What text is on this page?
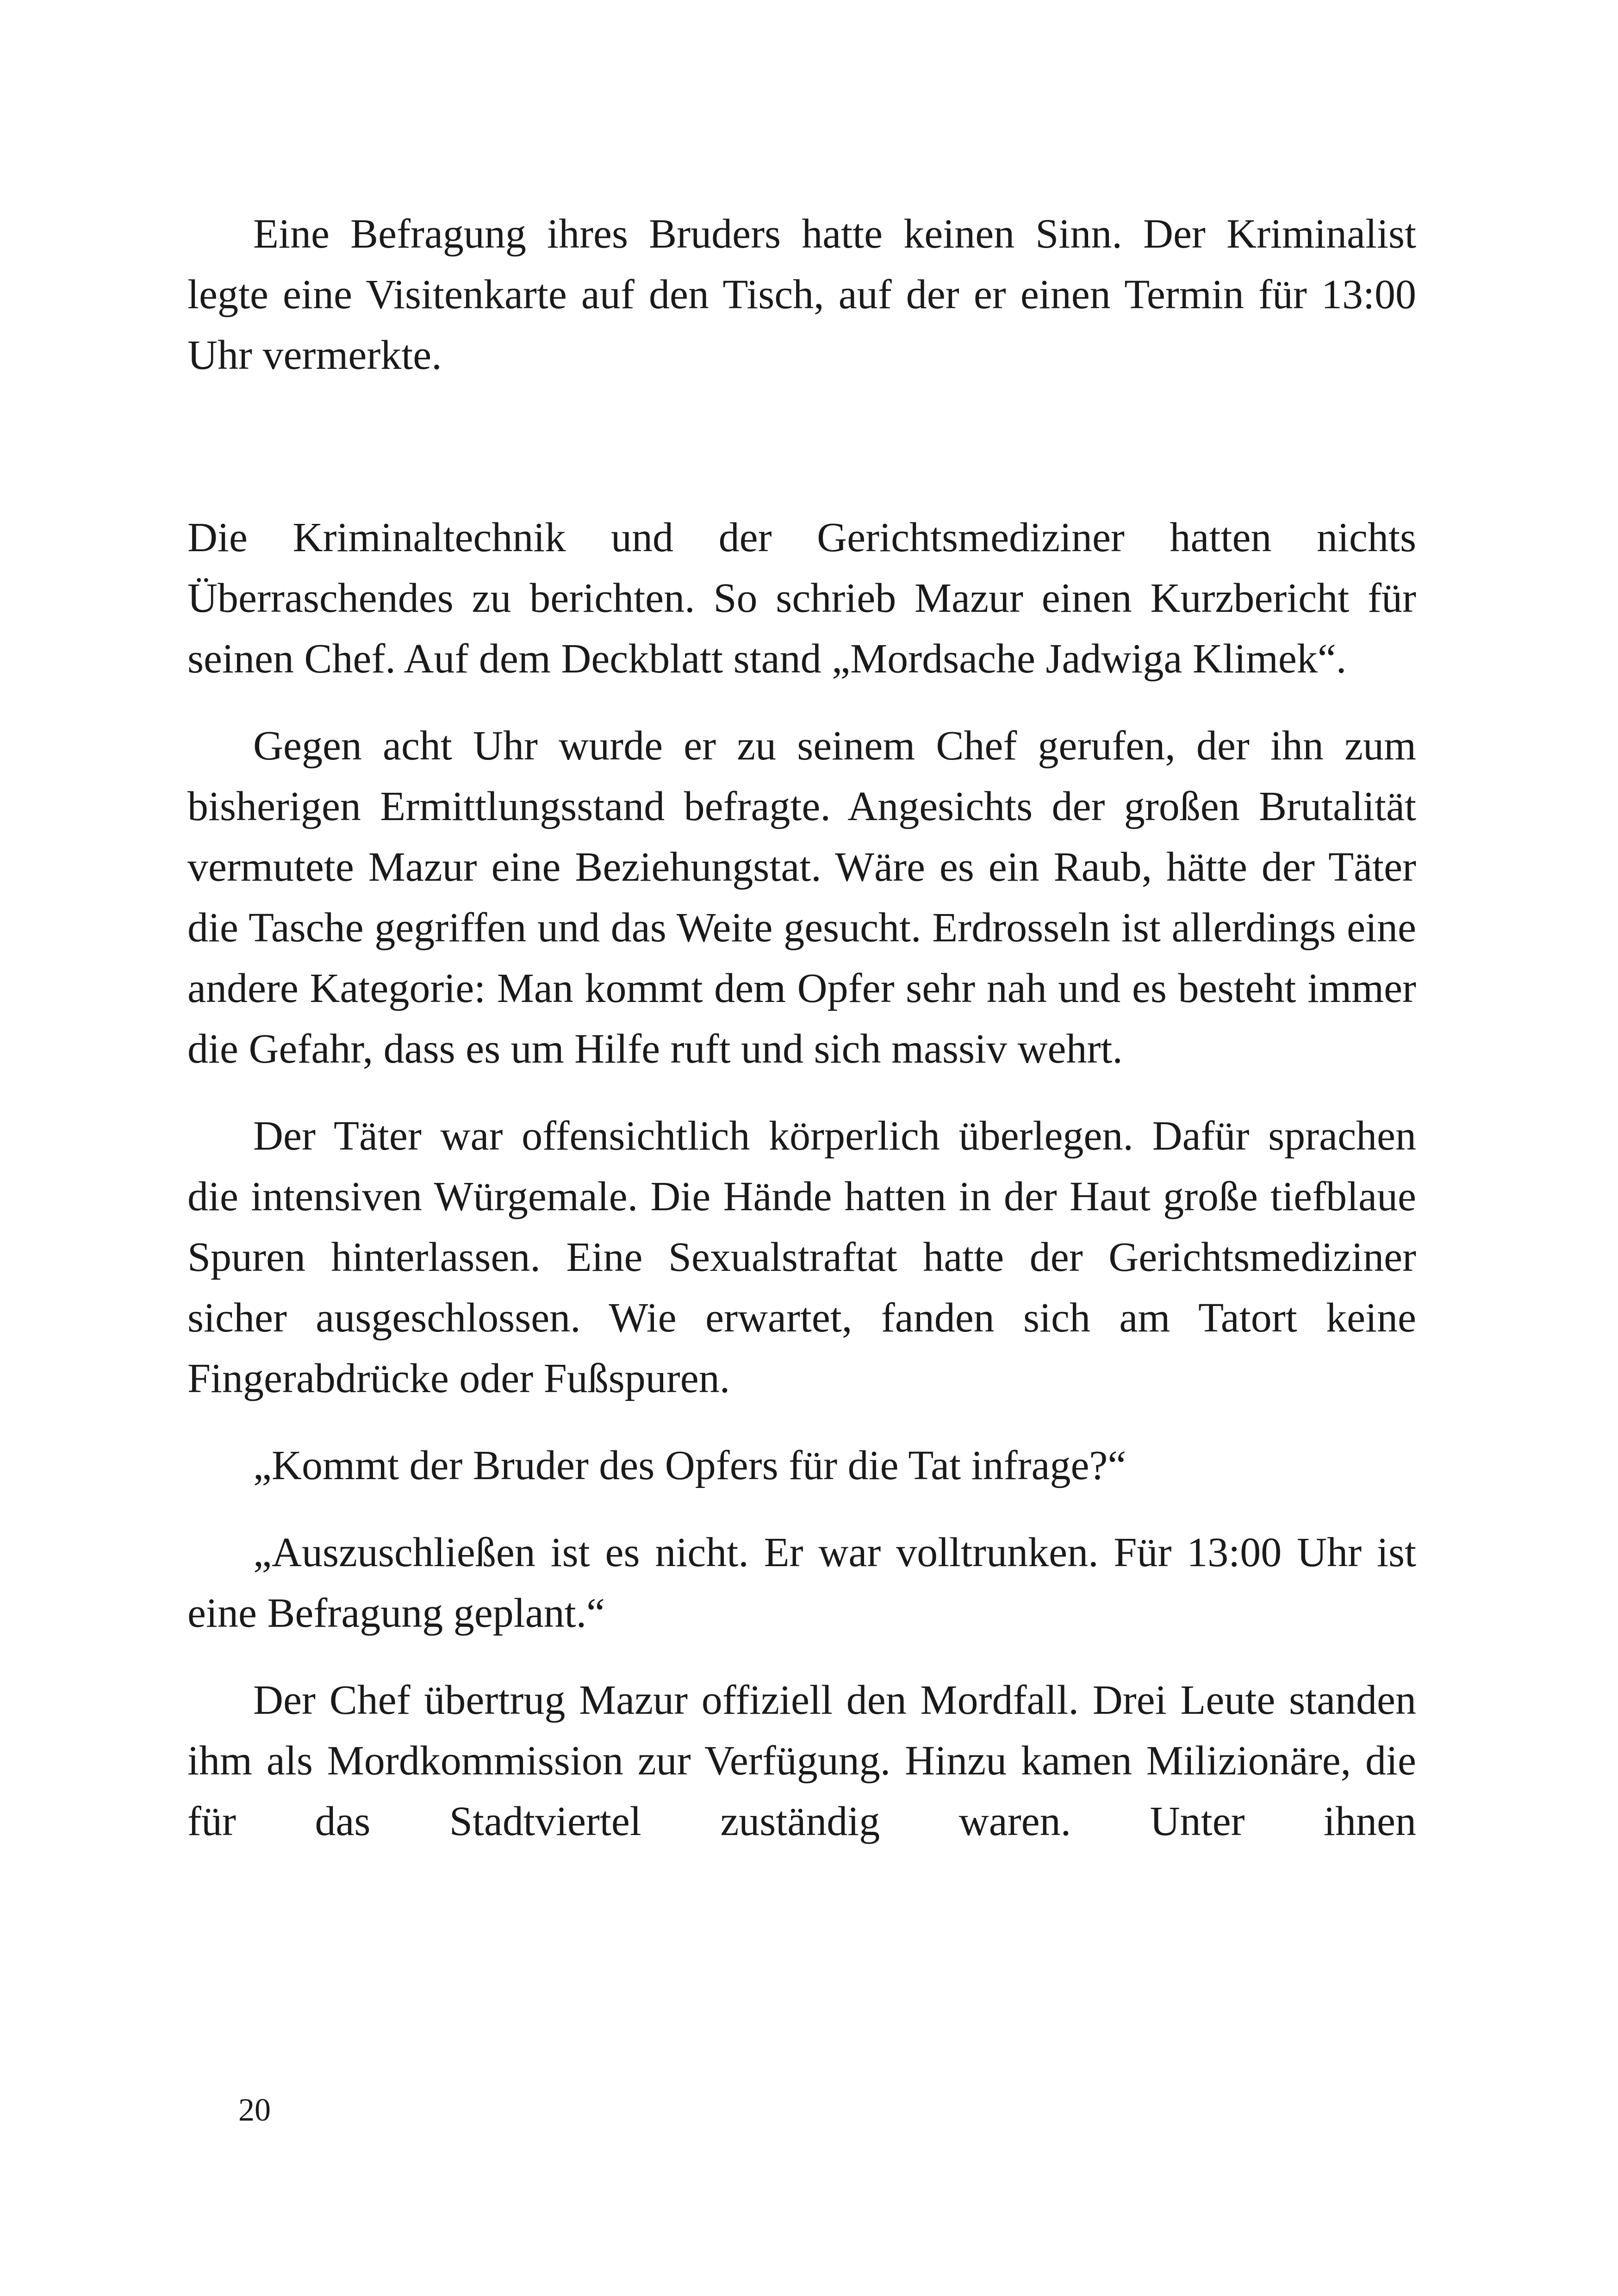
Eine Befragung ihres Bruders hatte keinen Sinn. Der Kriminalist legte eine Visitenkarte auf den Tisch, auf der er einen Termin für 13:00 Uhr vermerkte.

Die Kriminaltechnik und der Gerichtsmediziner hatten nichts Überraschendes zu berichten. So schrieb Mazur einen Kurzbericht für seinen Chef. Auf dem Deckblatt stand „Mordsache Jadwiga Klimek“.

Gegen acht Uhr wurde er zu seinem Chef gerufen, der ihn zum bisherigen Ermittlungsstand befragte. Angesichts der großen Brutalität vermutete Mazur eine Beziehungstat. Wäre es ein Raub, hätte der Täter die Tasche gegriffen und das Weite gesucht. Erdrosseln ist allerdings eine andere Kategorie: Man kommt dem Opfer sehr nah und es besteht immer die Gefahr, dass es um Hilfe ruft und sich massiv wehrt.

Der Täter war offensichtlich körperlich überlegen. Dafür sprachen die intensiven Würgemale. Die Hände hatten in der Haut große tiefblaue Spuren hinterlassen. Eine Sexualstraftat hatte der Gerichtsmediziner sicher ausgeschlossen. Wie erwartet, fanden sich am Tatort keine Fingerabdrücke oder Fußspuren.

„Kommt der Bruder des Opfers für die Tat infrage?“

„Auszuschließen ist es nicht. Er war volltrunken. Für 13:00 Uhr ist eine Befragung geplant.“

Der Chef übertrug Mazur offiziell den Mordfall. Drei Leute standen ihm als Mordkommission zur Verfügung. Hinzu kamen Milizionäre, die für das Stadtviertel zuständig waren. Unter ihnen

20
